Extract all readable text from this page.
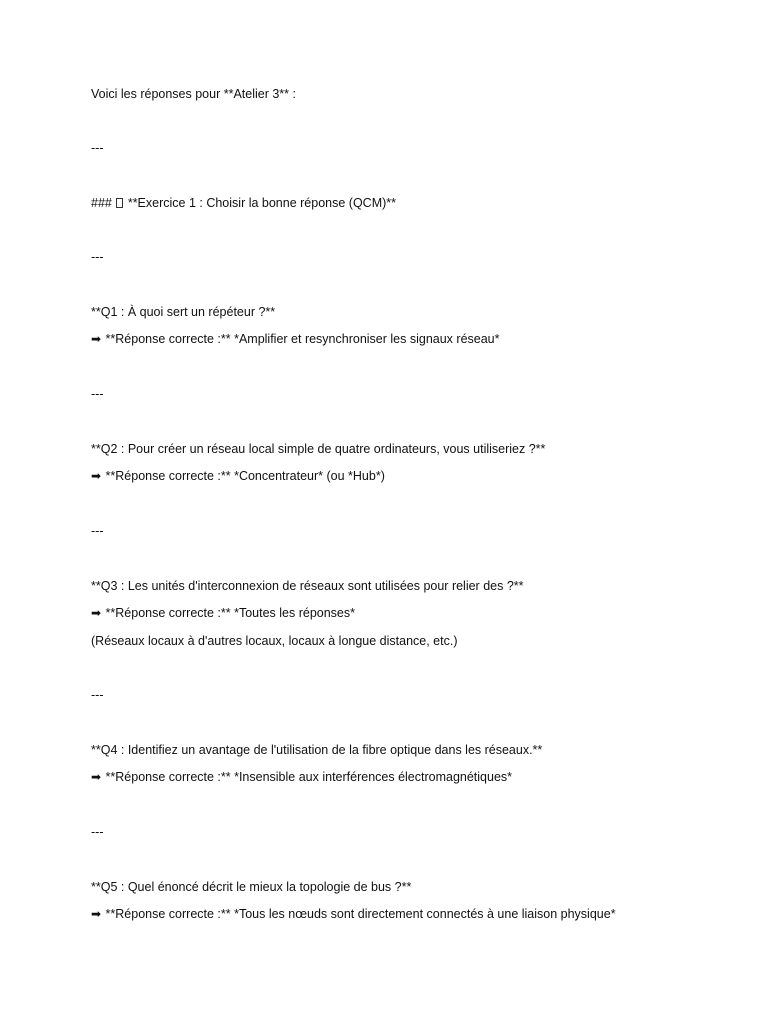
Voici les réponses pour **Atelier 3** :
---
### **Exercice 1 : Choisir la bonne réponse (QCM)**
---
**Q1 : À quoi sert un répéteur ?**
➡ **Réponse correcte :** *Amplifier et resynchroniser les signaux réseau*
---
**Q2 : Pour créer un réseau local simple de quatre ordinateurs, vous utiliseriez ?**
➡ **Réponse correcte :** *Concentrateur* (ou *Hub*)
---
**Q3 : Les unités d'interconnexion de réseaux sont utilisées pour relier des ?**
➡ **Réponse correcte :** *Toutes les réponses*
(Réseaux locaux à d'autres locaux, locaux à longue distance, etc.)
---
**Q4 : Identifiez un avantage de l'utilisation de la fibre optique dans les réseaux.**
➡ **Réponse correcte :** *Insensible aux interférences électromagnétiques*
---
**Q5 : Quel énoncé décrit le mieux la topologie de bus ?**
➡ **Réponse correcte :** *Tous les nœuds sont directement connectés à une liaison physique*
